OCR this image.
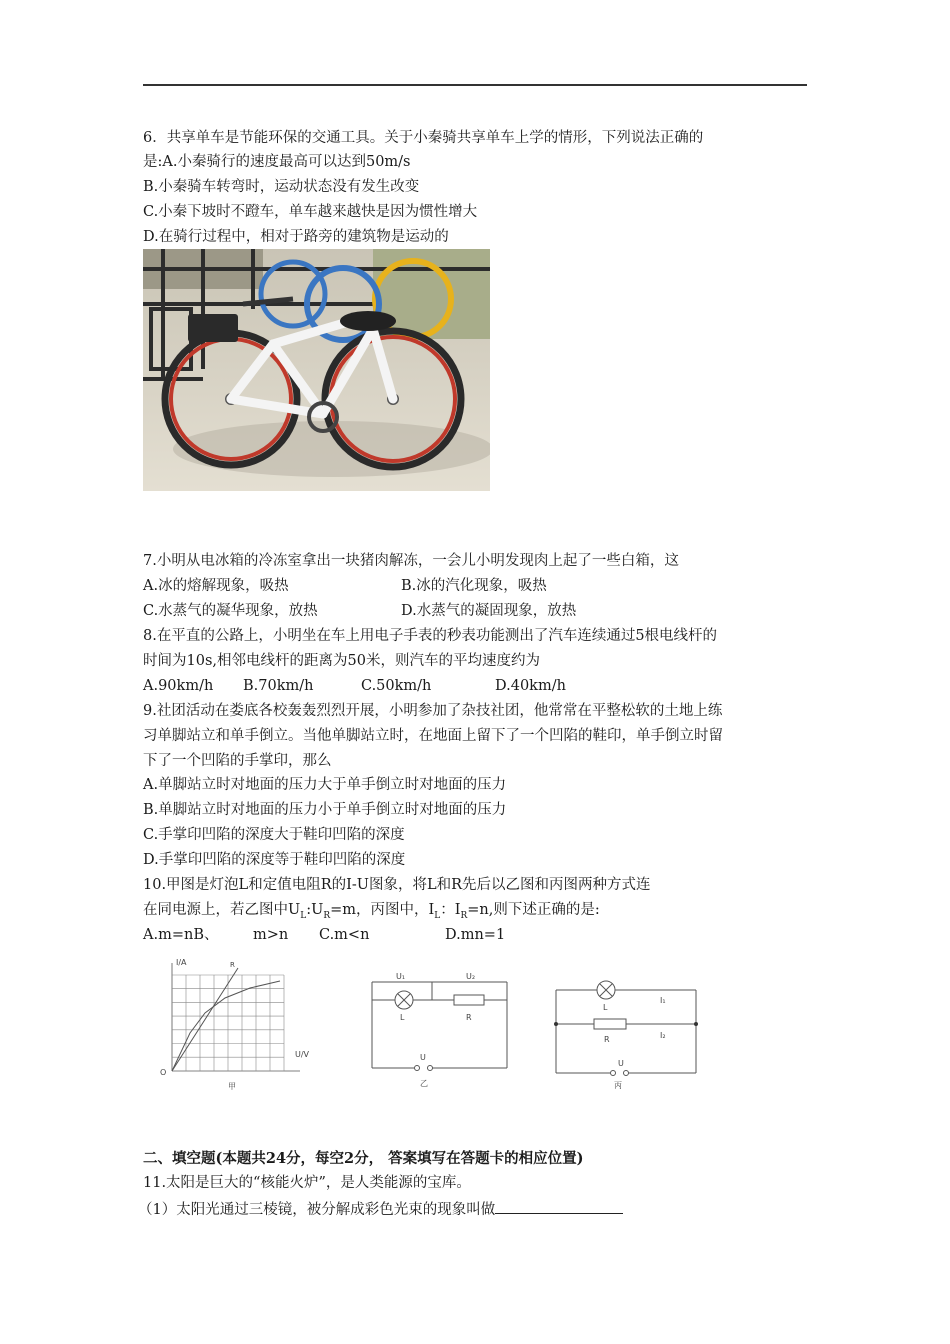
6．共享单车是节能环保的交通工具。关于小秦骑共享单车上学的情形，下列说法正确的
是:A.小秦骑行的速度最高可以达到50m/s
B.小秦骑车转弯时，运动状态没有发生改变
C.小秦下坡时不蹬车，单车越来越快是因为惯性增大
D.在骑行过程中，相对于路旁的建筑物是运动的
7.小明从电冰箱的冷冻室拿出一块猪肉解冻，一会儿小明发现肉上起了一些白箱，这
A.冰的熔解现象，吸热	B.冰的汽化现象，吸热
C.水蒸气的凝华现象，放热	D.水蒸气的凝固现象，放热
8.在平直的公路上，小明坐在车上用电子手表的秒表功能测出了汽车连续通过5根电线杆的
时间为10s,相邻电线杆的距离为50米，则汽车的平均速度约为
A.90km/h B.70km/h	C.50km/h	D.40km/h
9.社团活动在娄底各校轰轰烈烈开展，小明参加了杂技社团，他常常在平整松软的土地上练
习单脚站立和单手倒立。当他单脚站立时，在地面上留下了一个凹陷的鞋印，单手倒立时留
下了一个凹陷的手掌印，那么
A.单脚站立时对地面的压力大于单手倒立时对地面的压力
B.单脚站立时对地面的压力小于单手倒立时对地面的压力
C.手掌印凹陷的深度大于鞋印凹陷的深度
D.手掌印凹陷的深度等于鞋印凹陷的深度
10.甲图是灯泡L和定值电阻R的I-U图象，将L和R先后以乙图和丙图两种方式连
在同电源上，若乙图中$U_L:U_R=m$，丙图中，$I_L$：$I_R=n$,则下述正确的是:
A.m=nB、 m>n C.m<n	D.mn=1
I/A
U/V
O
R
甲
U₁	U₂
L	R
U
乙
L
R
I₁
I₂
U
丙
二、填空题(本题共24分，每空2分， 答案填写在答题卡的相应位置)
11.太阳是巨大的“核能火炉”，是人类能源的宝库。
（1）太阳光通过三棱镜，被分解成彩色光束的现象叫做
